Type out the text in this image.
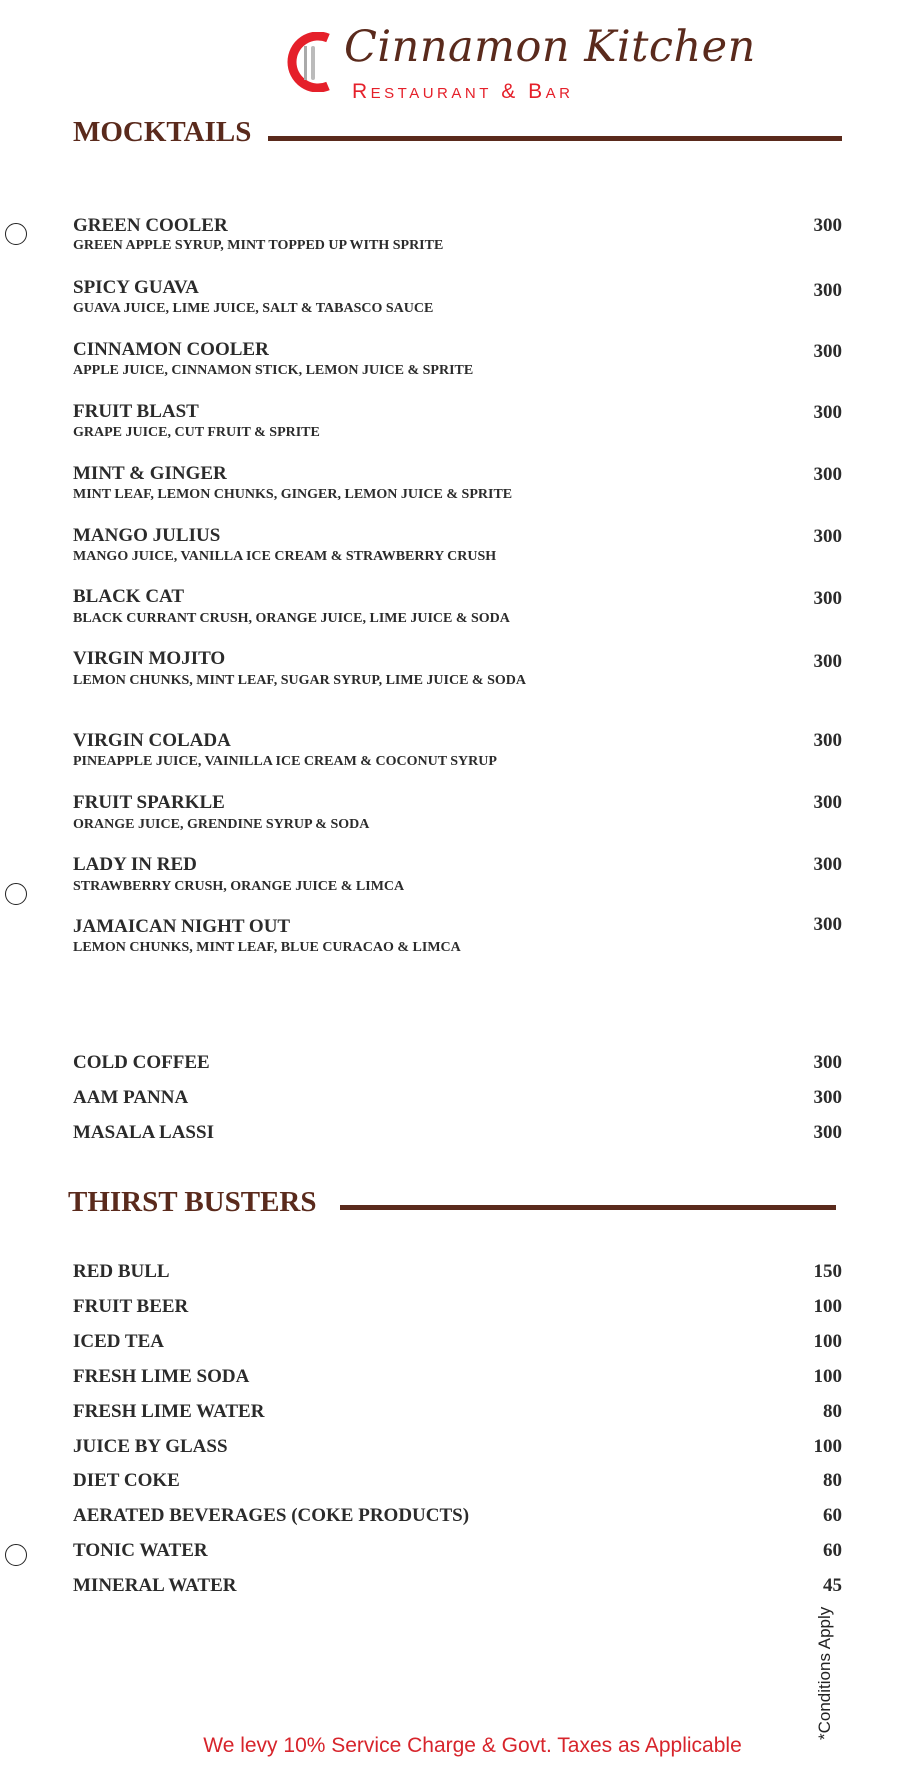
Cinnamon Kitchen
Restaurant & Bar
MOCKTAILS
GREEN COOLER
GREEN APPLE SYRUP, MINT TOPPED UP WITH SPRITE
300
SPICY GUAVA
GUAVA JUICE, LIME JUICE, SALT & TABASCO SAUCE
300
CINNAMON COOLER
APPLE JUICE, CINNAMON STICK, LEMON JUICE & SPRITE
300
FRUIT BLAST
GRAPE JUICE, CUT FRUIT & SPRITE
300
MINT & GINGER
MINT LEAF, LEMON CHUNKS, GINGER, LEMON JUICE & SPRITE
300
MANGO JULIUS
MANGO JUICE, VANILLA ICE CREAM & STRAWBERRY CRUSH
300
BLACK CAT
BLACK CURRANT CRUSH, ORANGE JUICE, LIME JUICE & SODA
300
VIRGIN MOJITO
LEMON CHUNKS, MINT LEAF, SUGAR SYRUP, LIME JUICE & SODA
300
VIRGIN COLADA
PINEAPPLE JUICE, VAINILLA ICE CREAM & COCONUT SYRUP
300
FRUIT SPARKLE
ORANGE JUICE, GRENDINE SYRUP & SODA
300
LADY IN RED
STRAWBERRY CRUSH, ORANGE JUICE & LIMCA
300
JAMAICAN NIGHT OUT
LEMON CHUNKS, MINT LEAF, BLUE CURACAO & LIMCA
300
COLD COFFEE	300
AAM PANNA	300
MASALA LASSI	300
THIRST BUSTERS
RED BULL	150
FRUIT BEER	100
ICED TEA	100
FRESH LIME SODA	100
FRESH LIME WATER	80
JUICE BY GLASS	100
DIET COKE	80
AERATED BEVERAGES (COKE PRODUCTS)	60
TONIC WATER	60
MINERAL WATER	45
We levy 10% Service Charge & Govt. Taxes as Applicable
*Conditions Apply
